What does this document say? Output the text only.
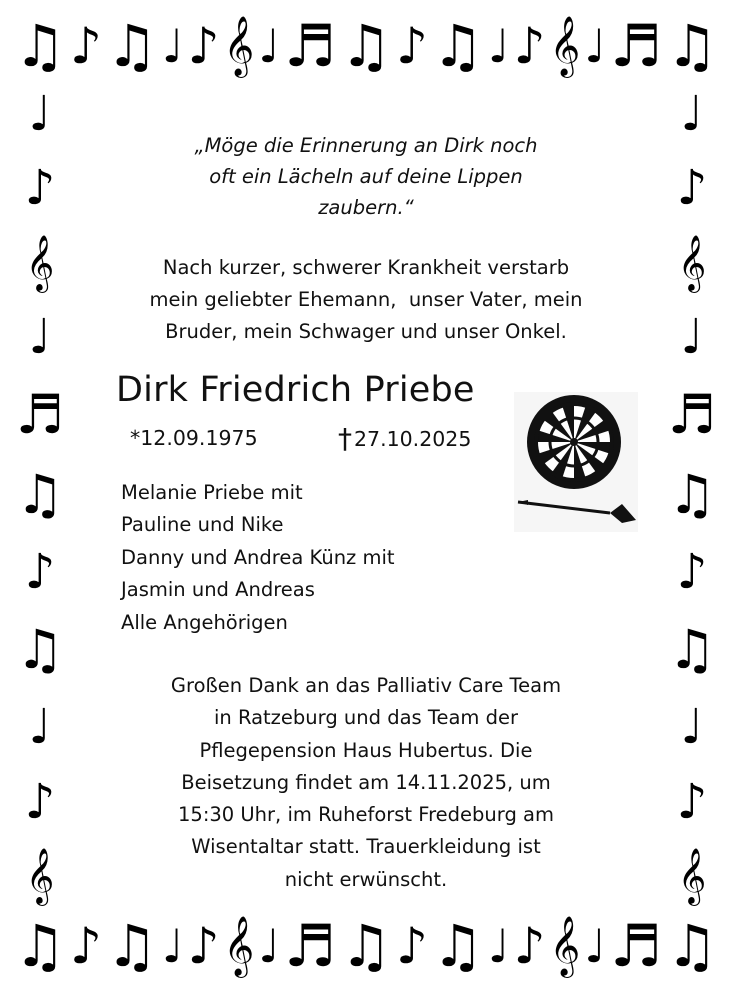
♫ ♪ ♫ ♩ ♪ 𝄞 ♩ ♬ ♫ ♪ ♫ ♩ ♪ 𝄞 ♩ ♬ ♫
♩
♪
𝄞
♩
♬
♫
♪
♫
♩
♪
𝄞
♩
♪
𝄞
♩
♬
♫
♪
♫
♩
♪
𝄞
♫ ♪ ♫ ♩ ♪ 𝄞 ♩ ♬ ♫ ♪ ♫ ♩ ♪ 𝄞 ♩ ♬ ♫
„Möge die Erinnerung an Dirk noch
oft ein Lächeln auf deine Lippen
zaubern.“
Nach kurzer, schwerer Krankheit verstarb
mein geliebter Ehemann,  unser Vater, mein
Bruder, mein Schwager und unser Onkel.
Dirk Friedrich Priebe
*12.09.1975	†27.10.2025
Melanie Priebe mit
Pauline und Nike
Danny und Andrea Künz mit
Jasmin und Andreas
Alle Angehörigen
Großen Dank an das Palliativ Care Team
in Ratzeburg und das Team der
Pflegepension Haus Hubertus. Die
Beisetzung findet am 14.11.2025, um
15:30 Uhr, im Ruheforst Fredeburg am
Wisentaltar statt. Trauerkleidung ist
nicht erwünscht.
